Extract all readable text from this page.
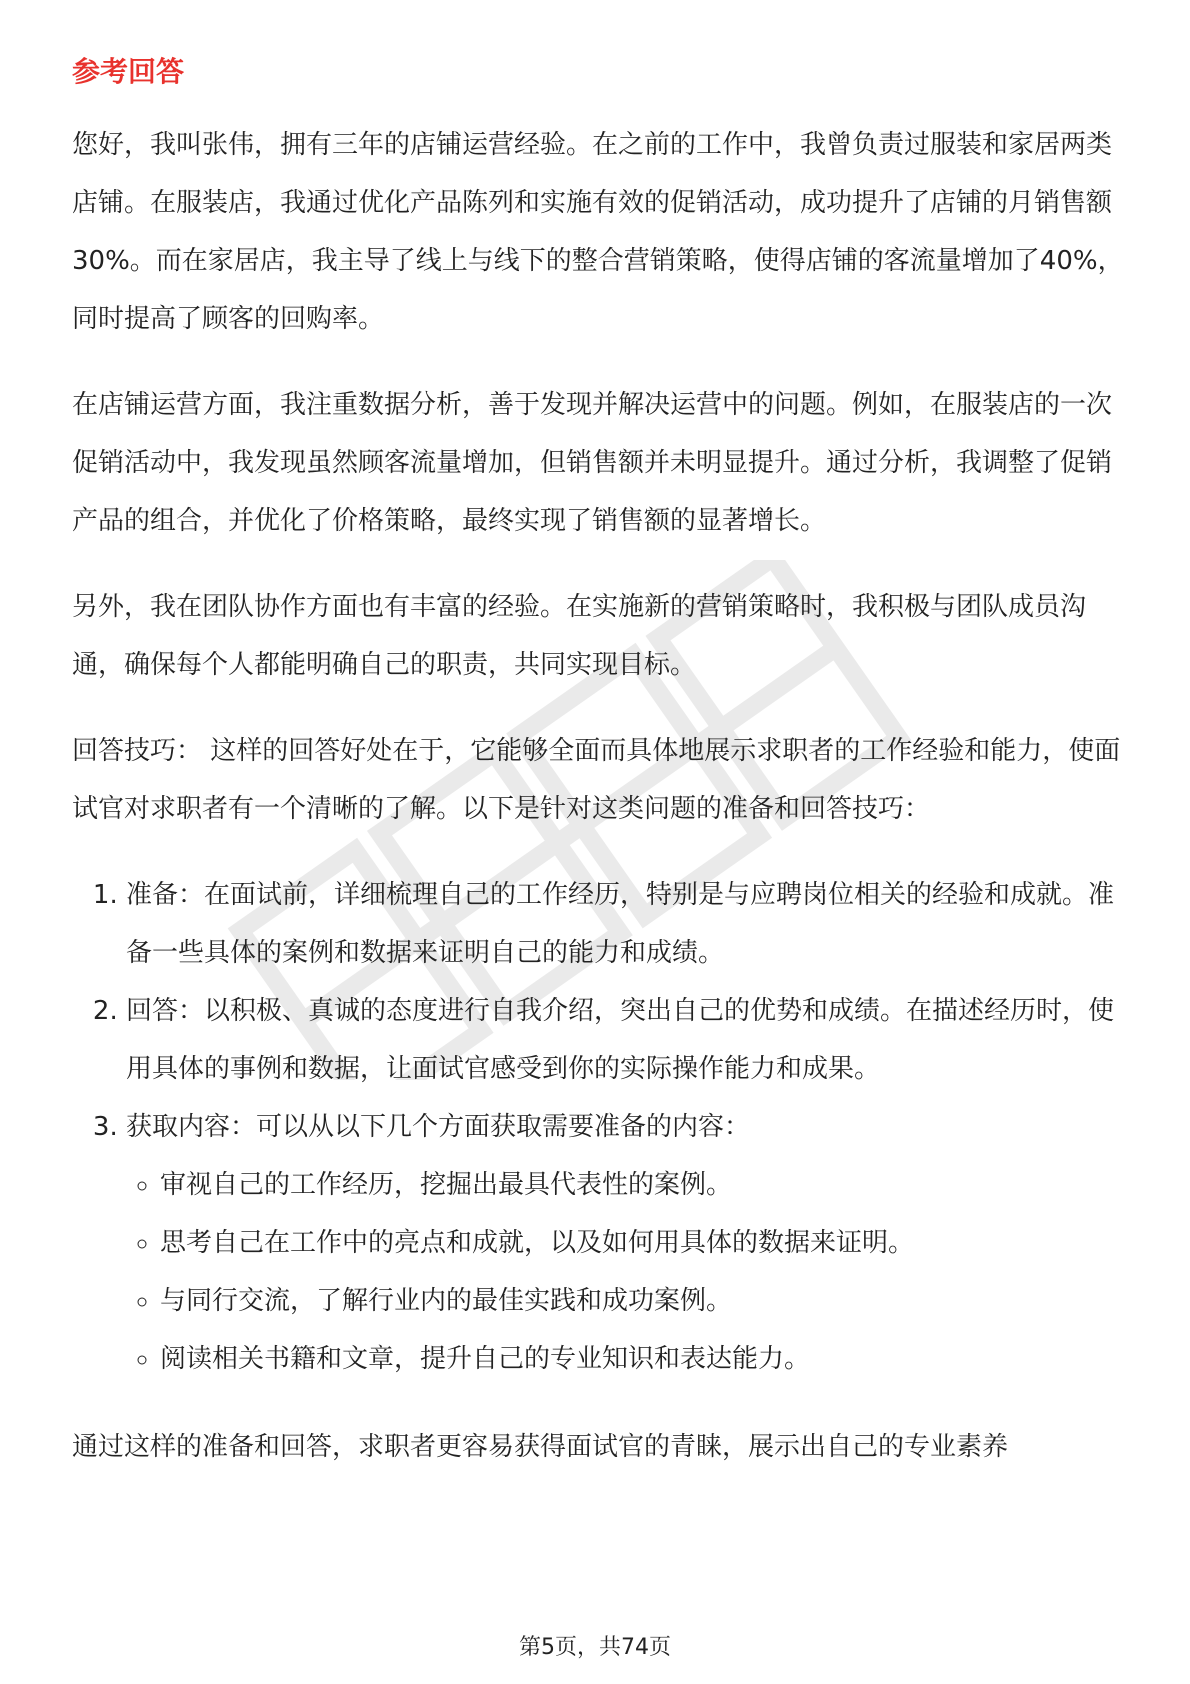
参考回答

您好，我叫张伟，拥有三年的店铺运营经验。在之前的工作中，我曾负责过服装和家居两类店铺。在服装店，我通过优化产品陈列和实施有效的促销活动，成功提升了店铺的月销售额30%。而在家居店，我主导了线上与线下的整合营销策略，使得店铺的客流量增加了40%，同时提高了顾客的回购率。

在店铺运营方面，我注重数据分析，善于发现并解决运营中的问题。例如，在服装店的一次促销活动中，我发现虽然顾客流量增加，但销售额并未明显提升。通过分析，我调整了促销产品的组合，并优化了价格策略，最终实现了销售额的显著增长。

另外，我在团队协作方面也有丰富的经验。在实施新的营销策略时，我积极与团队成员沟通，确保每个人都能明确自己的职责，共同实现目标。

回答技巧： 这样的回答好处在于，它能够全面而具体地展示求职者的工作经验和能力，使面试官对求职者有一个清晰的了解。以下是针对这类问题的准备和回答技巧：

1. 准备：在面试前，详细梳理自己的工作经历，特别是与应聘岗位相关的经验和成就。准备一些具体的案例和数据来证明自己的能力和成绩。
2. 回答：以积极、真诚的态度进行自我介绍，突出自己的优势和成绩。在描述经历时，使用具体的事例和数据，让面试官感受到你的实际操作能力和成果。
3. 获取内容：可以从以下几个方面获取需要准备的内容：
◦ 审视自己的工作经历，挖掘出最具代表性的案例。
◦ 思考自己在工作中的亮点和成就，以及如何用具体的数据来证明。
◦ 与同行交流，了解行业内的最佳实践和成功案例。
◦ 阅读相关书籍和文章，提升自己的专业知识和表达能力。

通过这样的准备和回答，求职者更容易获得面试官的青睐，展示出自己的专业素养

第5页，共74页
